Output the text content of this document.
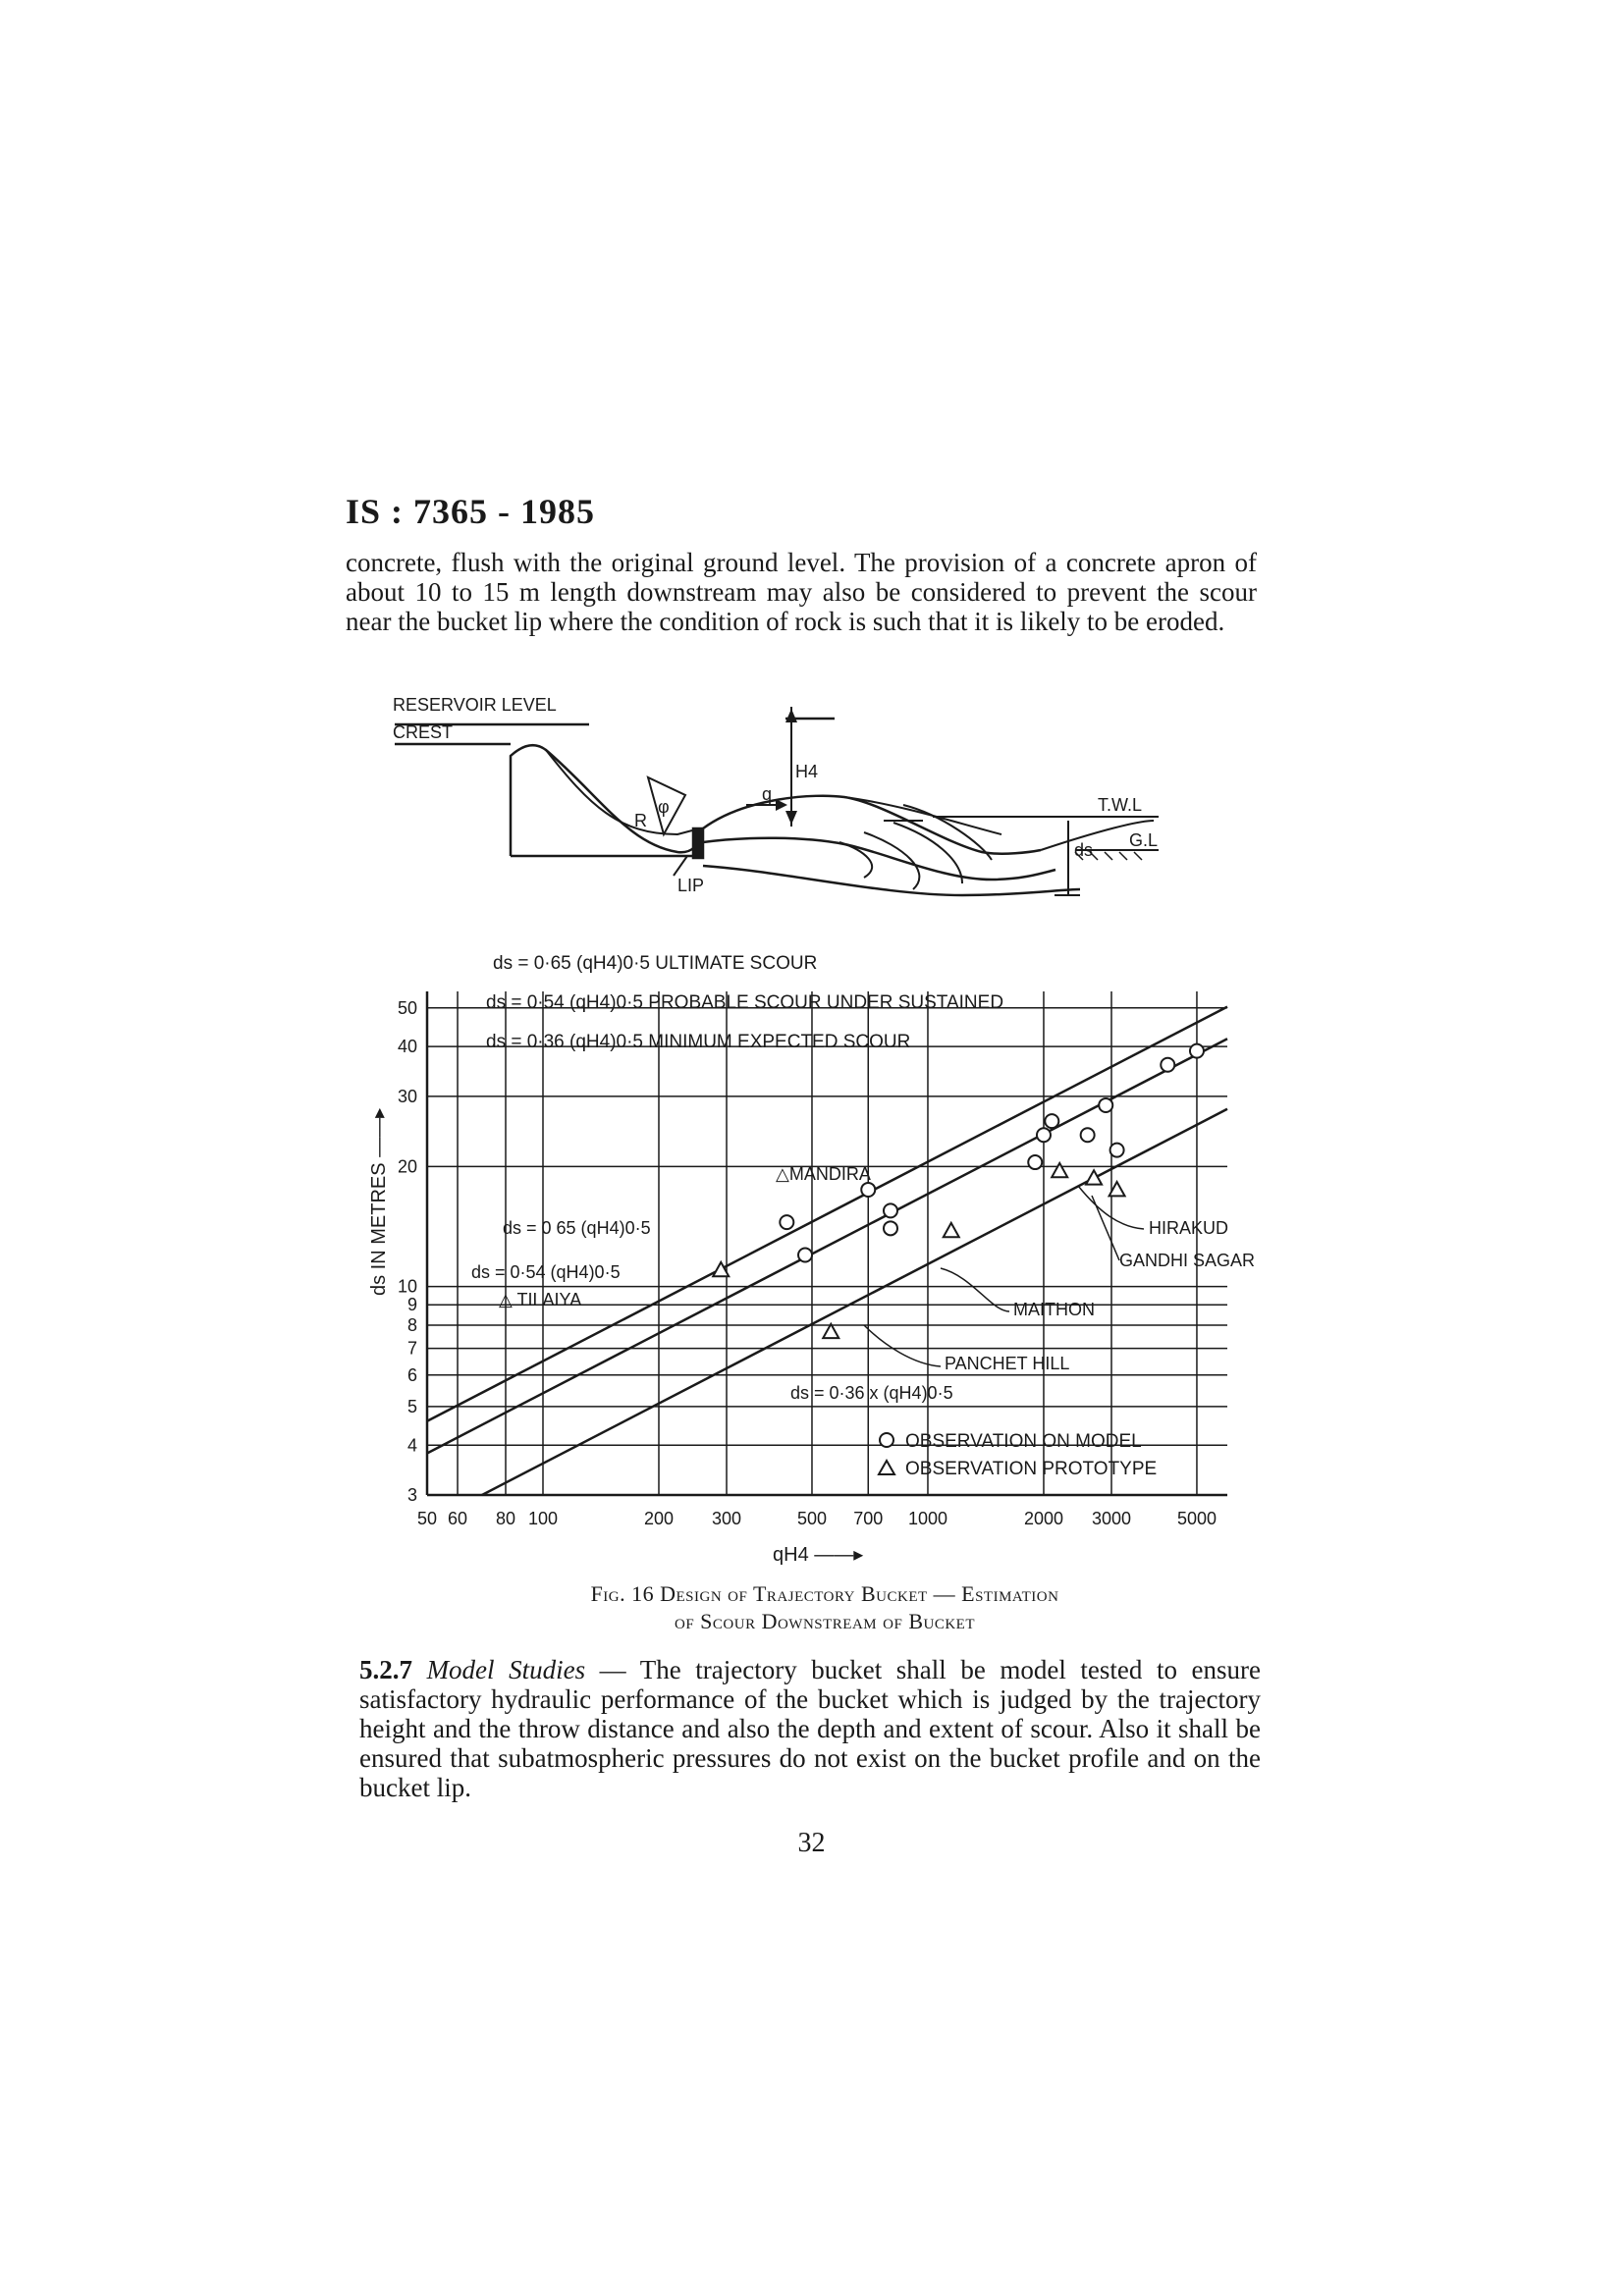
IS : 7365 - 1985
concrete, flush with the original ground level. The provision of a concrete apron of about 10 to 15 m length downstream may also be considered to prevent the scour near the bucket lip where the condition of rock is such that it is likely to be eroded.
RESERVOIR LEVEL
CREST
H4
R
φ
q
LIP
T.W.L
G.L
ds
50 60 80 100	200 300	500 700 1000	2000 3000	5000
3
4
5
6
7
8
9
10
20
30
40
50
ds = 0·65 (qH4)0·5 ULTIMATE SCOUR
ds = 0·54 (qH4)0·5 PROBABLE SCOUR UNDER SUSTAINED
ds = 0·36 (qH4)0·5 MINIMUM EXPECTED SCOUR
ds = 0 65 (qH4)0·5
ds = 0·54 (qH4)0·5
ds = 0·36 x (qH4)0·5
△MANDIRA
△ TILAIYA
HIRAKUD
GANDHI SAGAR
MAITHON
PANCHET HILL
OBSERVATION ON MODEL
OBSERVATION PROTOTYPE
qH4 ——▸
ds IN METRES ——▸
Fig. 16 Design of Trajectory Bucket — Estimation
of Scour Downstream of Bucket
5.2.7 Model Studies — The trajectory bucket shall be model tested to ensure satisfactory hydraulic performance of the bucket which is judged by the trajectory height and the throw distance and also the depth and extent of scour. Also it shall be ensured that subatmospheric pressures do not exist on the bucket profile and on the bucket lip.
32
